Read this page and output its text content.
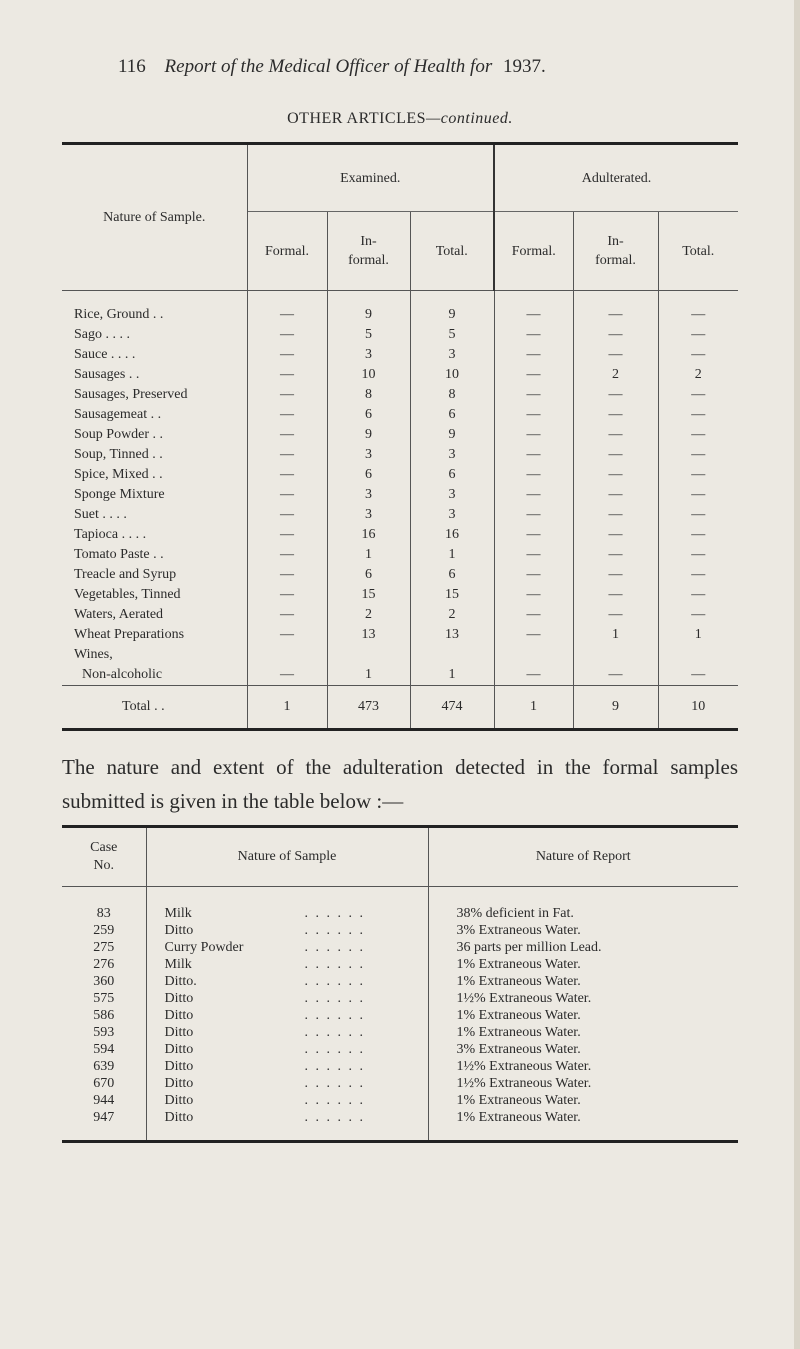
116 Report of the Medical Officer of Health for 1937.
OTHER ARTICLES—continued.
Nature of Sample.	Examined.			Adulterated.		
	Formal.	In- formal.	Total.	Formal.	In- formal.	Total.

Rice, Ground . .	—	9	9	—	—	—
Sago . . . .	—	5	5	—	—	—
Sauce . . . .	—	3	3	—	—	—
Sausages . .	—	10	10	—	2	2
Sausages, Preserved	—	8	8	—	—	—
Sausagemeat . .	—	6	6	—	—	—
Soup Powder . .	—	9	9	—	—	—
Soup, Tinned . .	—	3	3	—	—	—
Spice, Mixed . .	—	6	6	—	—	—
Sponge Mixture	—	3	3	—	—	—
Suet . . . .	—	3	3	—	—	—
Tapioca . . . .	—	16	16	—	—	—
Tomato Paste . .	—	1	1	—	—	—
Treacle and Syrup	—	6	6	—	—	—
Vegetables, Tinned	—	15	15	—	—	—
Waters, Aerated	—	2	2	—	—	—
Wheat Preparations	—	13	13	—	1	1
Wines,						
Non-alcoholic	—	1	1	—	—	—
Total . .	1	473	474	1	9	10

The nature and extent of the adulteration detected in the formal samples submitted is given in the table below :—

Case No.	Nature of Sample	Nature of Report

83	Milk . . . . . .	38% deficient in Fat.
259	Ditto . . . . . .	3% Extraneous Water.
275	Curry Powder . . . . . .	36 parts per million Lead.
276	Milk . . . . . .	1% Extraneous Water.
360	Ditto. . . . . . .	1% Extraneous Water.
575	Ditto . . . . . .	1½% Extraneous Water.
586	Ditto . . . . . .	1% Extraneous Water.
593	Ditto . . . . . .	1% Extraneous Water.
594	Ditto . . . . . .	3% Extraneous Water.
639	Ditto . . . . . .	1½% Extraneous Water.
670	Ditto . . . . . .	1½% Extraneous Water.
944	Ditto . . . . . .	1% Extraneous Water.
947	Ditto . . . . . .	1% Extraneous Water.
